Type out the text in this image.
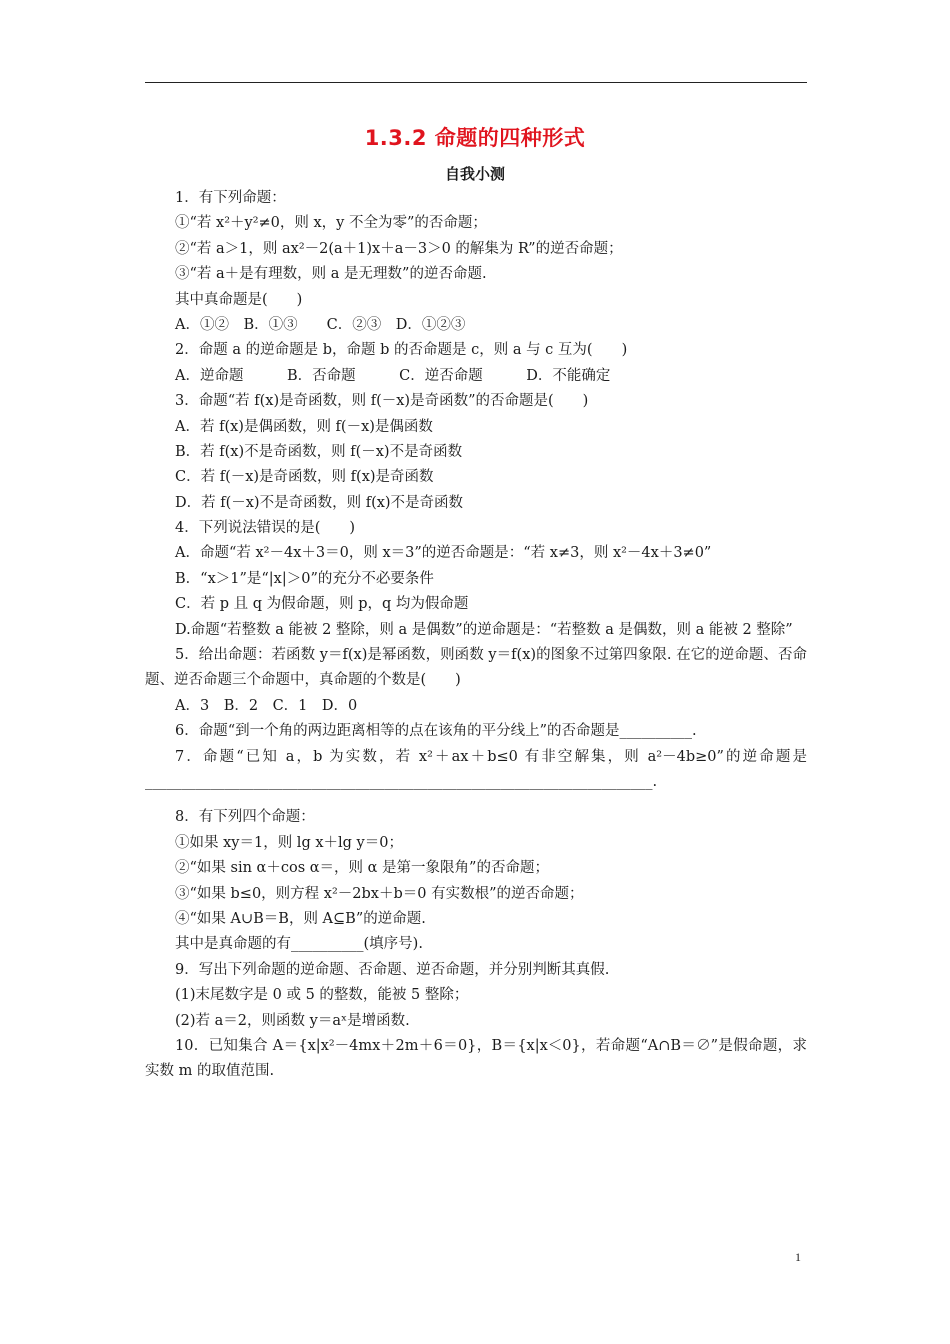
1.3.2 命题的四种形式
自我小测
1．有下列命题：
①“若 x²＋y²≠0，则 x，y 不全为零”的否命题；
②“若 a＞1，则 ax²－2(a＋1)x＋a－3＞0 的解集为 R”的逆否命题；
③“若 a＋是有理数，则 a 是无理数”的逆否命题.
其中真命题是(　　)
A．①②　B．①③　　C．②③　D．①②③
2．命题 a 的逆命题是 b，命题 b 的否命题是 c，则 a 与 c 互为(　　)
A．逆命题　　　B．否命题　　　C．逆否命题　　　D．不能确定
3．命题“若 f(x)是奇函数，则 f(－x)是奇函数”的否命题是(　　)
A．若 f(x)是偶函数，则 f(－x)是偶函数
B．若 f(x)不是奇函数，则 f(－x)不是奇函数
C．若 f(－x)是奇函数，则 f(x)是奇函数
D．若 f(－x)不是奇函数，则 f(x)不是奇函数
4．下列说法错误的是(　　)
A．命题“若 x²－4x＋3＝0，则 x＝3”的逆否命题是：“若 x≠3，则 x²－4x＋3≠0”
B．“x＞1”是“|x|＞0”的充分不必要条件
C．若 p 且 q 为假命题，则 p，q 均为假命题
D.命题“若整数 a 能被 2 整除，则 a 是偶数”的逆命题是：“若整数 a 是偶数，则 a 能被 2 整除”
5．给出命题：若函数 y＝f(x)是幂函数，则函数 y＝f(x)的图象不过第四象限. 在它的逆命题、否命题、逆否命题三个命题中，真命题的个数是(　　)
A．3　B．2　C．1　D．0
6．命题“到一个角的两边距离相等的点在该角的平分线上”的否命题是__________.
7．命题“已知 a，b 为实数，若 x²＋ax＋b≤0 有非空解集，则 a²－4b≥0”的逆命题是______________________________________________________________________.
8．有下列四个命题：
①如果 xy＝1，则 lg x＋lg y＝0；
②“如果 sin α＋cos α＝，则 α 是第一象限角”的否命题；
③“如果 b≤0，则方程 x²－2bx＋b＝0 有实数根”的逆否命题；
④“如果 A∪B＝B，则 A⊆B”的逆命题.
其中是真命题的有__________(填序号).
9．写出下列命题的逆命题、否命题、逆否命题，并分别判断其真假.
(1)末尾数字是 0 或 5 的整数，能被 5 整除；
(2)若 a＝2，则函数 y＝aˣ是增函数.
10．已知集合 A＝{x|x²－4mx＋2m＋6＝0}，B＝{x|x＜0}，若命题“A∩B＝∅”是假命题，求实数 m 的取值范围.
1
